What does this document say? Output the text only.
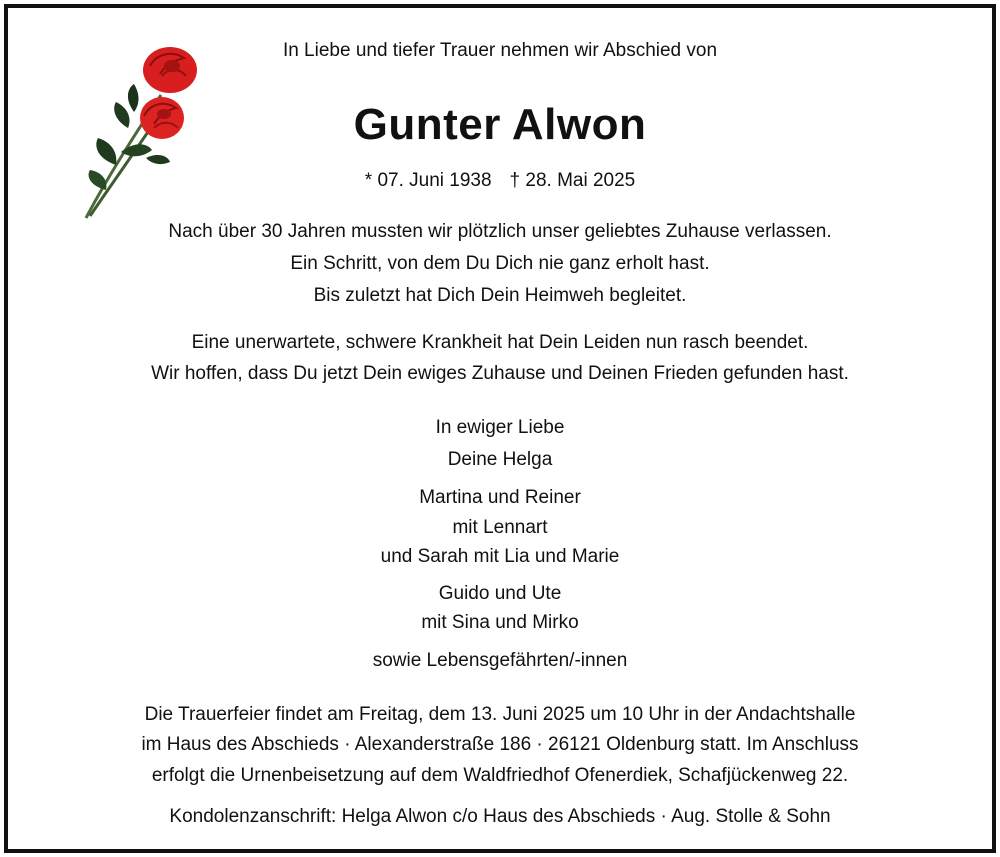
In Liebe und tiefer Trauer nehmen wir Abschied von
Gunter Alwon
* 07. Juni 1938 † 28. Mai 2025
Nach über 30 Jahren mussten wir plötzlich unser geliebtes Zuhause verlassen.
Ein Schritt, von dem Du Dich nie ganz erholt hast.
Bis zuletzt hat Dich Dein Heimweh begleitet.
Eine unerwartete, schwere Krankheit hat Dein Leiden nun rasch beendet.
Wir hoffen, dass Du jetzt Dein ewiges Zuhause und Deinen Frieden gefunden hast.
In ewiger Liebe
Deine Helga
Martina und Reiner
mit Lennart
und Sarah mit Lia und Marie
Guido und Ute
mit Sina und Mirko
sowie Lebensgefährten/-innen
Die Trauerfeier findet am Freitag, dem 13. Juni 2025 um 10 Uhr in der Andachtshalle
im Haus des Abschieds · Alexanderstraße 186 · 26121 Oldenburg statt. Im Anschluss
erfolgt die Urnenbeisetzung auf dem Waldfriedhof Ofenerdiek, Schafjückenweg 22.
Kondolenzanschrift: Helga Alwon c/o Haus des Abschieds · Aug. Stolle & Sohn
